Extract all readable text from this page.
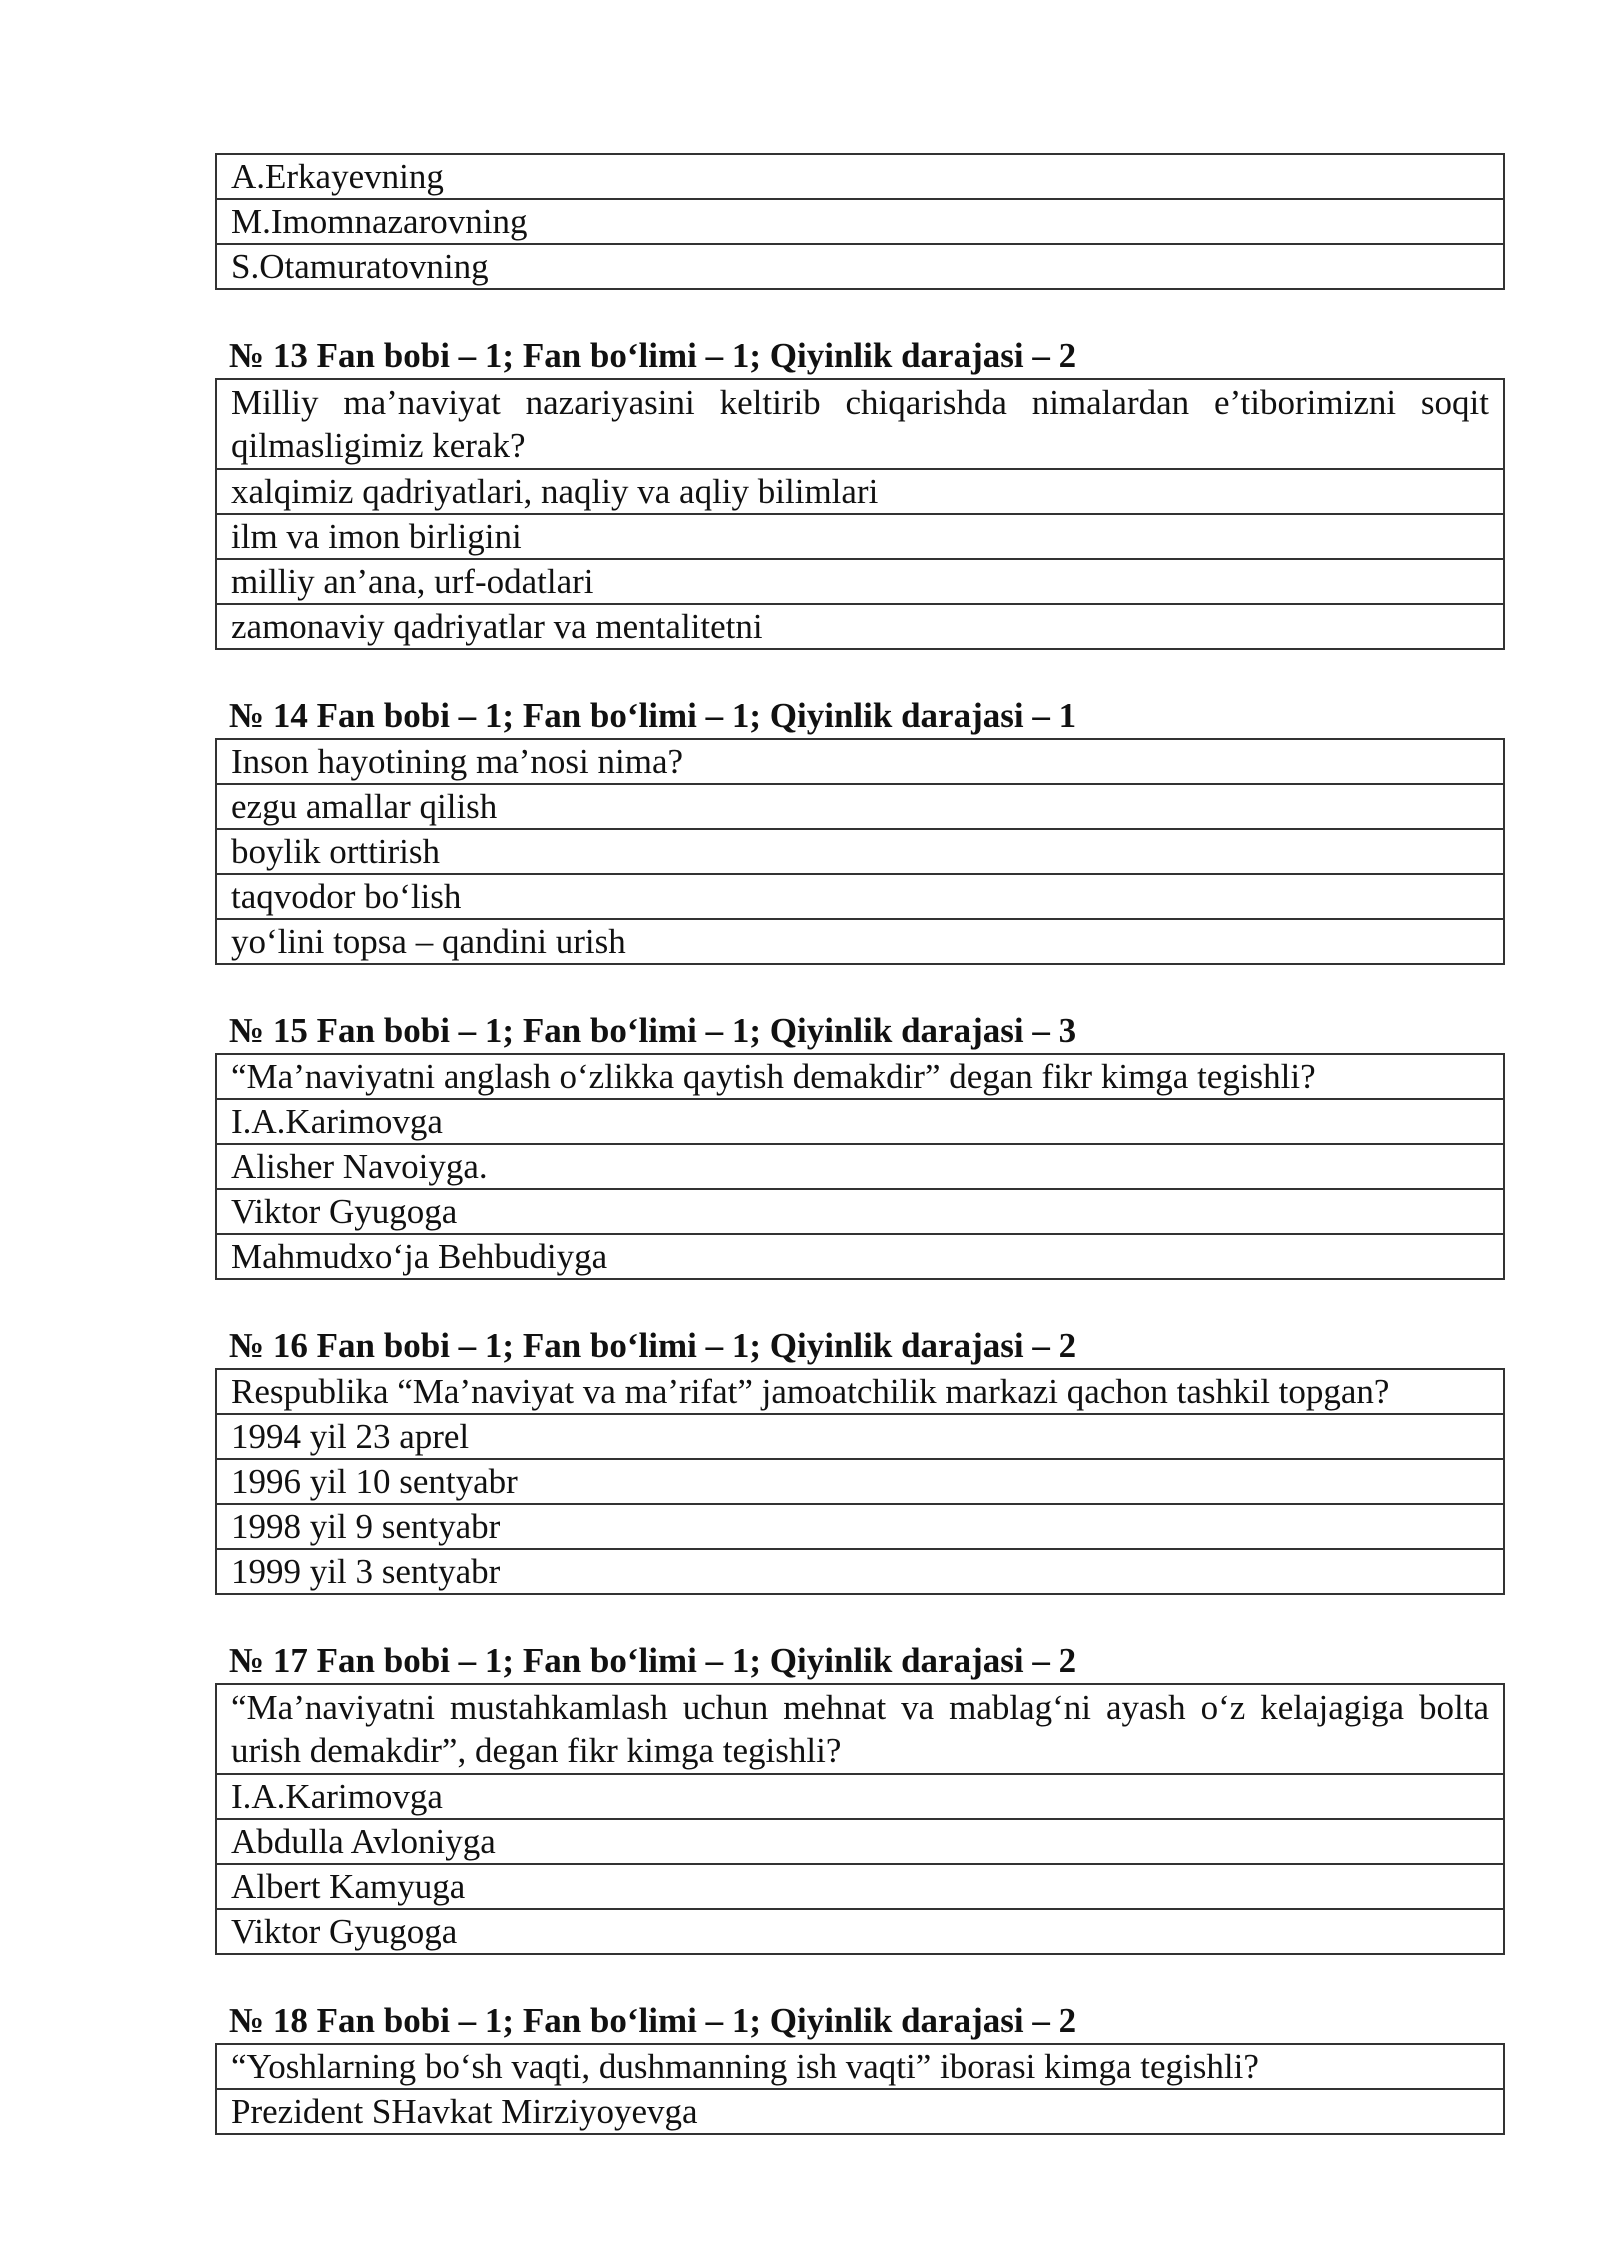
A.Erkayevning
M.Imomnazarovning
S.Otamuratovning
№ 13 Fan bobi – 1; Fan bo‘limi – 1; Qiyinlik darajasi – 2
Milliy ma’naviyat nazariyasini keltirib chiqarishda nimalardan e’tiborimizni soqit qilmasligimiz kerak?
xalqimiz qadriyatlari, naqliy va aqliy bilimlari
ilm va imon birligini
milliy an’ana, urf-odatlari
zamonaviy qadriyatlar va mentalitetni
№ 14 Fan bobi – 1; Fan bo‘limi – 1; Qiyinlik darajasi – 1
Inson hayotining ma’nosi nima?
ezgu amallar qilish
boylik orttirish
taqvodor bo‘lish
yo‘lini topsa – qandini urish
№ 15 Fan bobi – 1; Fan bo‘limi – 1; Qiyinlik darajasi – 3
“Ma’naviyatni anglash o‘zlikka qaytish demakdir” degan fikr kimga tegishli?
I.A.Karimovga
Alisher Navoiyga.
Viktor Gyugoga
Mahmudxo‘ja Behbudiyga
№ 16 Fan bobi – 1; Fan bo‘limi – 1; Qiyinlik darajasi – 2
Respublika “Ma’naviyat va ma’rifat” jamoatchilik markazi qachon tashkil topgan?
1994 yil 23 aprel
1996 yil 10 sentyabr
1998 yil 9 sentyabr
1999 yil 3 sentyabr
№ 17 Fan bobi – 1; Fan bo‘limi – 1; Qiyinlik darajasi – 2
“Ma’naviyatni mustahkamlash uchun mehnat va mablag‘ni ayash o‘z kelajagiga bolta urish demakdir”, degan fikr kimga tegishli?
I.A.Karimovga
Abdulla Avloniyga
Albert Kamyuga
Viktor Gyugoga
№ 18 Fan bobi – 1; Fan bo‘limi – 1; Qiyinlik darajasi – 2
“Yoshlarning bo‘sh vaqti, dushmanning ish vaqti” iborasi kimga tegishli?
Prezident SHavkat Mirziyoyevga
